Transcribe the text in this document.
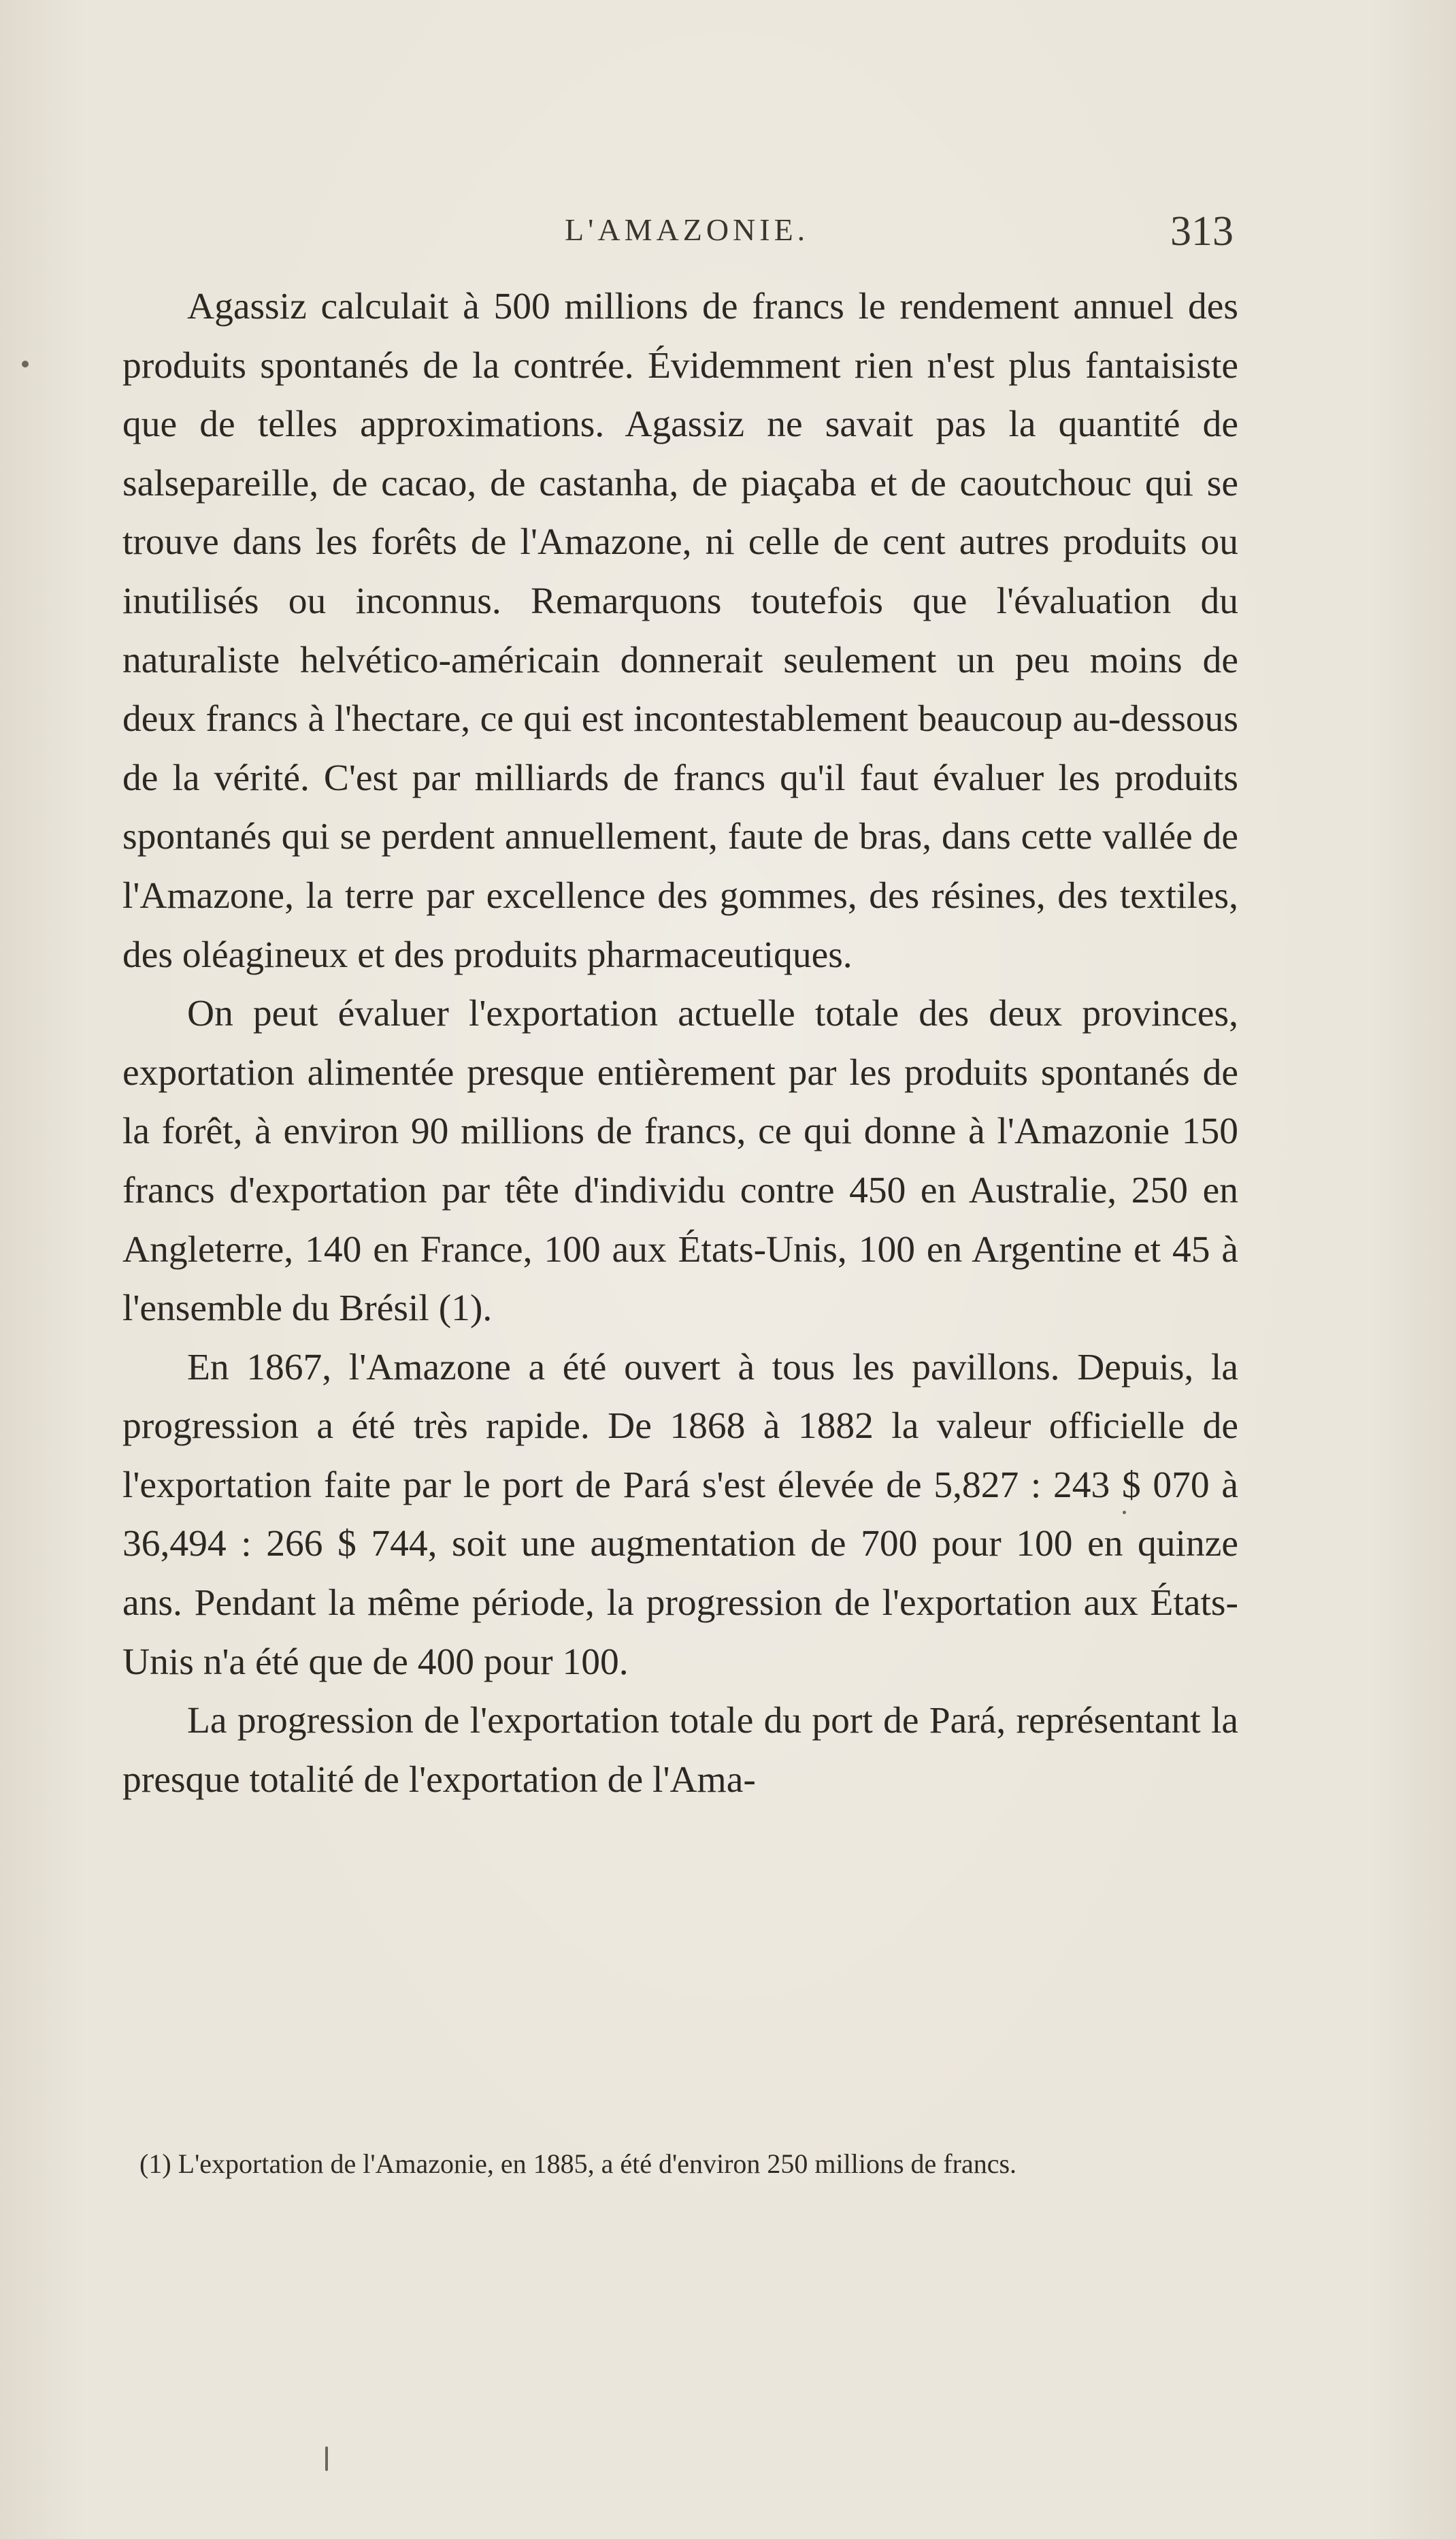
L'AMAZONIE.	313

Agassiz calculait à 500 millions de francs le rendement annuel des produits spontanés de la contrée. Évidemment rien n'est plus fantaisiste que de telles approximations. Agassiz ne savait pas la quantité de salsepareille, de cacao, de castanha, de piaçaba et de caoutchouc qui se trouve dans les forêts de l'Amazone, ni celle de cent autres produits ou inutilisés ou inconnus. Remarquons toutefois que l'évaluation du naturaliste helvético-américain donnerait seulement un peu moins de deux francs à l'hectare, ce qui est incontestablement beaucoup au-dessous de la vérité. C'est par milliards de francs qu'il faut évaluer les produits spontanés qui se perdent annuellement, faute de bras, dans cette vallée de l'Amazone, la terre par excellence des gommes, des résines, des textiles, des oléagineux et des produits pharmaceutiques.

On peut évaluer l'exportation actuelle totale des deux provinces, exportation alimentée presque entièrement par les produits spontanés de la forêt, à environ 90 millions de francs, ce qui donne à l'Amazonie 150 francs d'exportation par tête d'individu contre 450 en Australie, 250 en Angleterre, 140 en France, 100 aux États-Unis, 100 en Argentine et 45 à l'ensemble du Brésil (1).

En 1867, l'Amazone a été ouvert à tous les pavillons. Depuis, la progression a été très rapide. De 1868 à 1882 la valeur officielle de l'exportation faite par le port de Pará s'est élevée de 5,827 : 243 $ 070 à 36,494 : 266 $ 744, soit une augmentation de 700 pour 100 en quinze ans. Pendant la même période, la progression de l'exportation aux États-Unis n'a été que de 400 pour 100.

La progression de l'exportation totale du port de Pará, représentant la presque totalité de l'exportation de l'Ama-

(1) L'exportation de l'Amazonie, en 1885, a été d'environ 250 millions de francs.
